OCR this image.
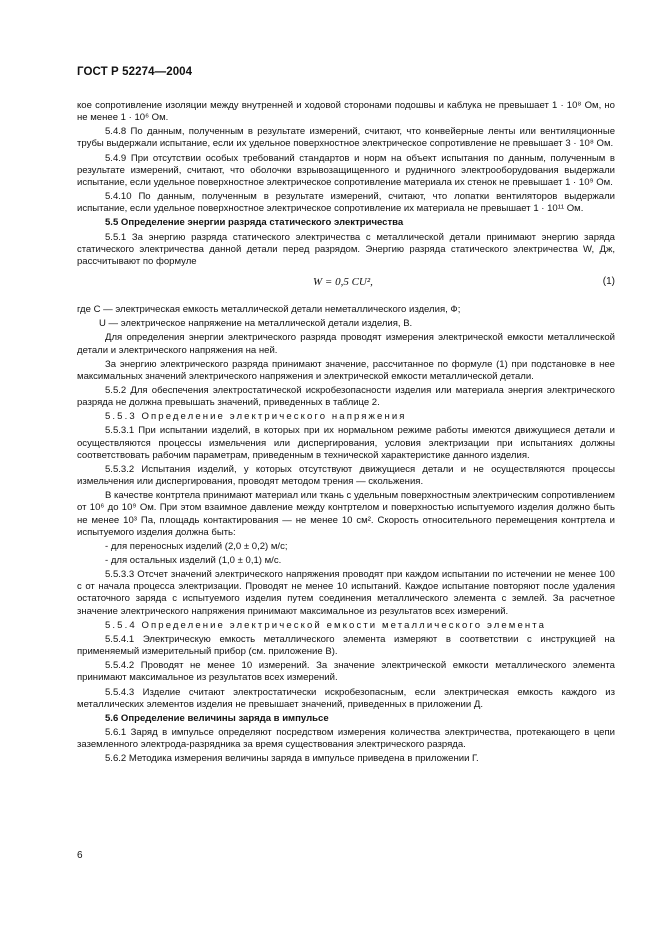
ГОСТ Р 52274—2004

кое сопротивление изоляции между внутренней и ходовой сторонами подошвы и каблука не превышает 1 · 10⁸ Ом, но не менее 1 · 10⁶ Ом.

5.4.8 По данным, полученным в результате измерений, считают, что конвейерные ленты или вентиляционные трубы выдержали испытание, если их удельное поверхностное электрическое сопротивление не превышает 3 · 10⁸ Ом.

5.4.9 При отсутствии особых требований стандартов и норм на объект испытания по данным, полученным в результате измерений, считают, что оболочки взрывозащищенного и рудничного электрооборудования выдержали испытание, если удельное поверхностное электрическое сопротивление материала их стенок не превышает 1 · 10⁹ Ом.

5.4.10 По данным, полученным в результате измерений, считают, что лопатки вентиляторов выдержали испытание, если удельное поверхностное электрическое сопротивление их материала не превышает 1 · 10¹¹ Ом.

5.5 Определение энергии разряда статического электричества

5.5.1 За энергию разряда статического электричества с металлической детали принимают энергию заряда статического электричества данной детали перед разрядом. Энергию разряда статического электричества W, Дж, рассчитывают по формуле

W = 0,5 CU²,	(1)

где C — электрическая емкость металлической детали неметаллического изделия, Ф;

U — электрическое напряжение на металлической детали изделия, В.

Для определения энергии электрического разряда проводят измерения электрической емкости металлической детали и электрического напряжения на ней.

За энергию электрического разряда принимают значение, рассчитанное по формуле (1) при подстановке в нее максимальных значений электрического напряжения и электрической емкости металлической детали.

5.5.2 Для обеспечения электростатической искробезопасности изделия или материала энергия электрического разряда не должна превышать значений, приведенных в таблице 2.

5.5.3 Определение электрического напряжения

5.5.3.1 При испытании изделий, в которых при их нормальном режиме работы имеются движущиеся детали и осуществляются процессы измельчения или диспергирования, условия электризации при испытаниях должны соответствовать рабочим параметрам, приведенным в технической характеристике данного изделия.

5.5.3.2 Испытания изделий, у которых отсутствуют движущиеся детали и не осуществляются процессы измельчения или диспергирования, проводят методом трения — скольжения.

В качестве контртела принимают материал или ткань с удельным поверхностным электрическим сопротивлением от 10⁶ до 10⁹ Ом. При этом взаимное давление между контртелом и поверхностью испытуемого изделия должно быть не менее 10³ Па, площадь контактирования — не менее 10 см². Скорость относительного перемещения контртела и испытуемого изделия должна быть:

- для переносных изделий (2,0 ± 0,2) м/с;

- для остальных изделий (1,0 ± 0,1) м/с.

5.5.3.3 Отсчет значений электрического напряжения проводят при каждом испытании по истечении не менее 100 с от начала процесса электризации. Проводят не менее 10 испытаний. Каждое испытание повторяют после удаления остаточного заряда с испытуемого изделия путем соединения металлического элемента с землей. За расчетное значение электрического напряжения принимают максимальное из результатов всех измерений.

5.5.4 Определение электрической емкости металлического элемента

5.5.4.1 Электрическую емкость металлического элемента измеряют в соответствии с инструкцией на применяемый измерительный прибор (см. приложение В).

5.5.4.2 Проводят не менее 10 измерений. За значение электрической емкости металлического элемента принимают максимальное из результатов всех измерений.

5.5.4.3 Изделие считают электростатически искробезопасным, если электрическая емкость каждого из металлических элементов изделия не превышает значений, приведенных в приложении Д.

5.6 Определение величины заряда в импульсе

5.6.1 Заряд в импульсе определяют посредством измерения количества электричества, протекающего в цепи заземленного электрода-разрядника за время существования электрического разряда.

5.6.2 Методика измерения величины заряда в импульсе приведена в приложении Г.

6
